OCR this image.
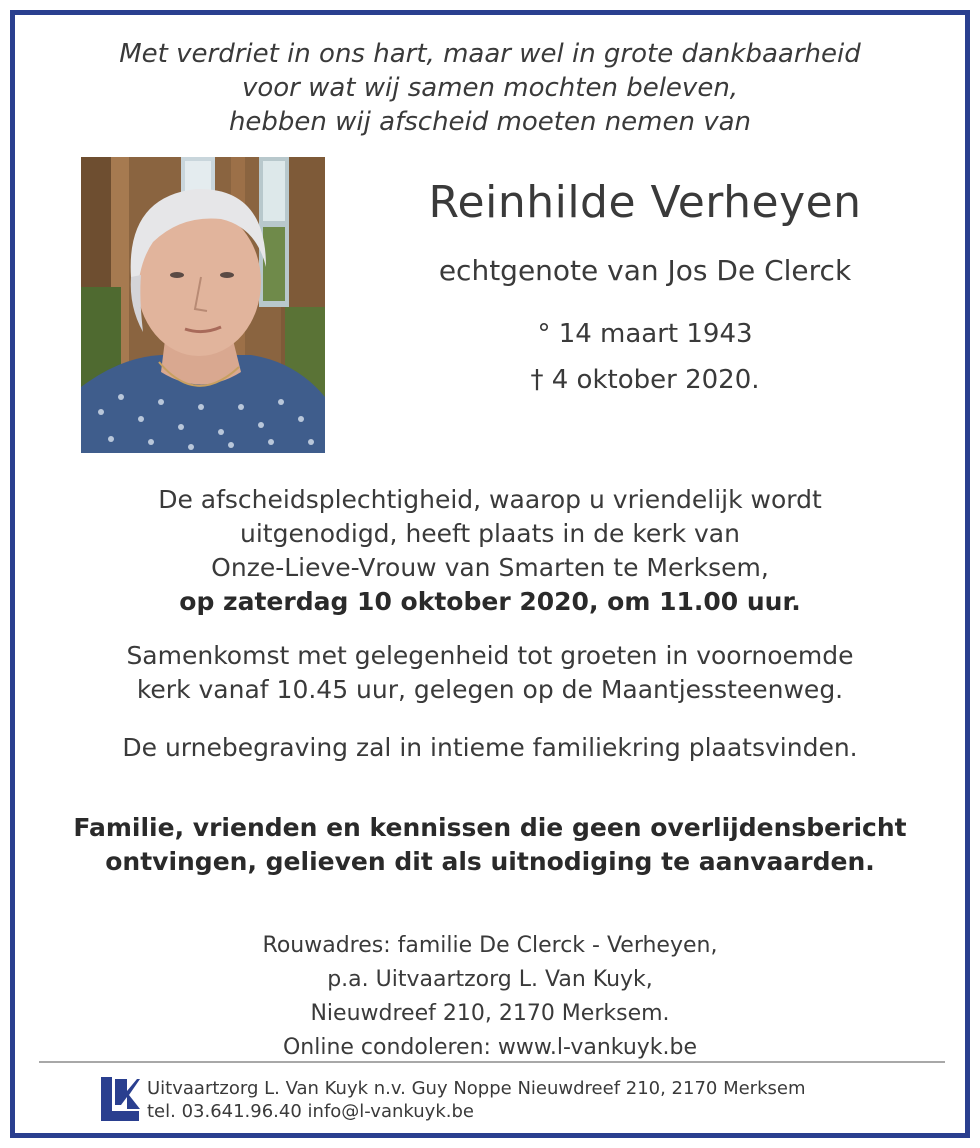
Met verdriet in ons hart, maar wel in grote dankbaarheid
voor wat wij samen mochten beleven,
hebben wij afscheid moeten nemen van
Reinhilde Verheyen
echtgenote van Jos De Clerck
° 14 maart 1943
† 4 oktober 2020.
De afscheidsplechtigheid, waarop u vriendelijk wordt
uitgenodigd, heeft plaats in de kerk van
Onze-Lieve-Vrouw van Smarten te Merksem,
op zaterdag 10 oktober 2020, om 11.00 uur.
Samenkomst met gelegenheid tot groeten in voornoemde
kerk vanaf 10.45 uur, gelegen op de Maantjessteenweg.
De urnebegraving zal in intieme familiekring plaatsvinden.
Familie, vrienden en kennissen die geen overlijdensbericht
ontvingen, gelieven dit als uitnodiging te aanvaarden.
Rouwadres: familie De Clerck - Verheyen,
p.a. Uitvaartzorg L. Van Kuyk,
Nieuwdreef 210, 2170 Merksem.
Online condoleren: www.l-vankuyk.be
Uitvaartzorg L. Van Kuyk n.v. Guy Noppe Nieuwdreef 210, 2170 Merksem
tel. 03.641.96.40 info@l-vankuyk.be
